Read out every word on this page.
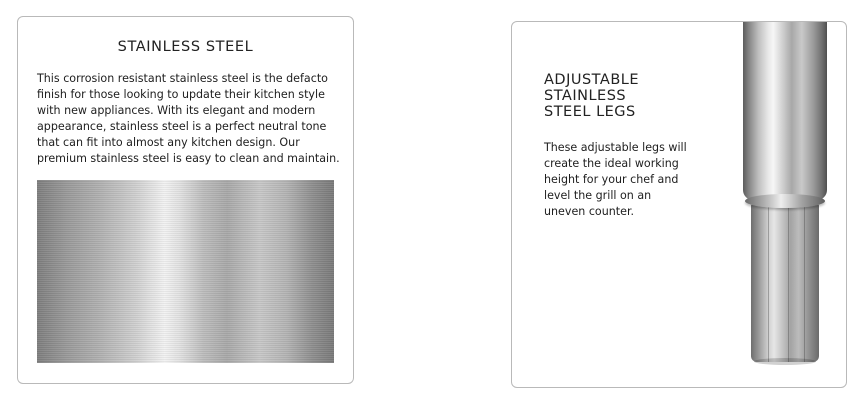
STAINLESS STEEL
This corrosion resistant stainless steel is the defacto
finish for those looking to update their kitchen style
with new appliances. With its elegant and modern
appearance, stainless steel is a perfect neutral tone
that can fit into almost any kitchen design. Our
premium stainless steel is easy to clean and maintain.
ADJUSTABLE
STAINLESS
STEEL LEGS
These adjustable legs will
create the ideal working
height for your chef and
level the grill on an
uneven counter.
